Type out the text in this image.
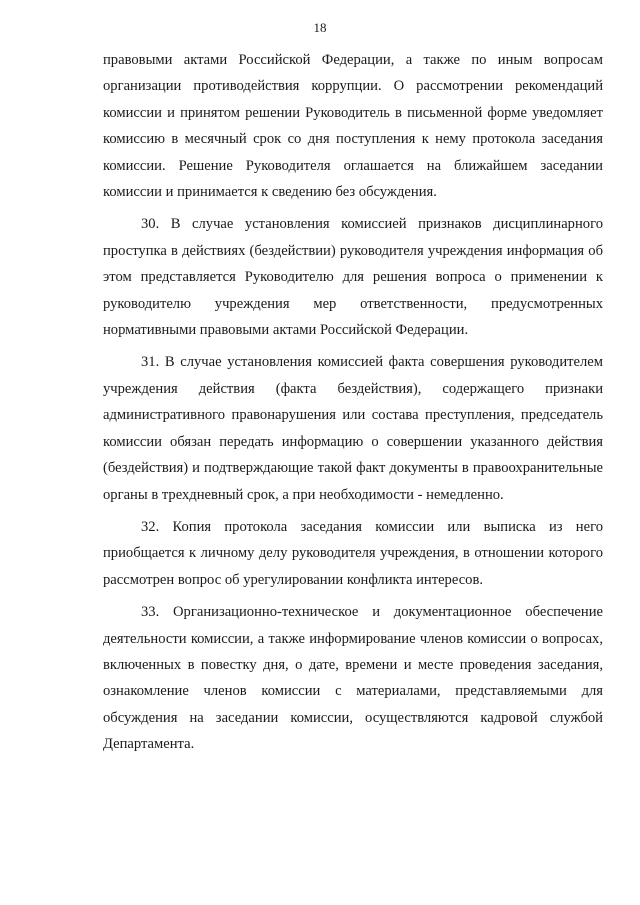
18

правовыми актами Российской Федерации, а также по иным вопросам организации противодействия коррупции. О рассмотрении рекомендаций комиссии и принятом решении Руководитель в письменной форме уведомляет комиссию в месячный срок со дня поступления к нему протокола заседания комиссии. Решение Руководителя оглашается на ближайшем заседании комиссии и принимается к сведению без обсуждения.

30. В случае установления комиссией признаков дисциплинарного проступка в действиях (бездействии) руководителя учреждения информация об этом представляется Руководителю для решения вопроса о применении к руководителю учреждения мер ответственности, предусмотренных нормативными правовыми актами Российской Федерации.

31. В случае установления комиссией факта совершения руководителем учреждения действия (факта бездействия), содержащего признаки административного правонарушения или состава преступления, председатель комиссии обязан передать информацию о совершении указанного действия (бездействия) и подтверждающие такой факт документы в правоохранительные органы в трехдневный срок, а при необходимости - немедленно.

32. Копия протокола заседания комиссии или выписка из него приобщается к личному делу руководителя учреждения, в отношении которого рассмотрен вопрос об урегулировании конфликта интересов.

33. Организационно-техническое и документационное обеспечение деятельности комиссии, а также информирование членов комиссии о вопросах, включенных в повестку дня, о дате, времени и месте проведения заседания, ознакомление членов комиссии с материалами, представляемыми для обсуждения на заседании комиссии, осуществляются кадровой службой Департамента.
